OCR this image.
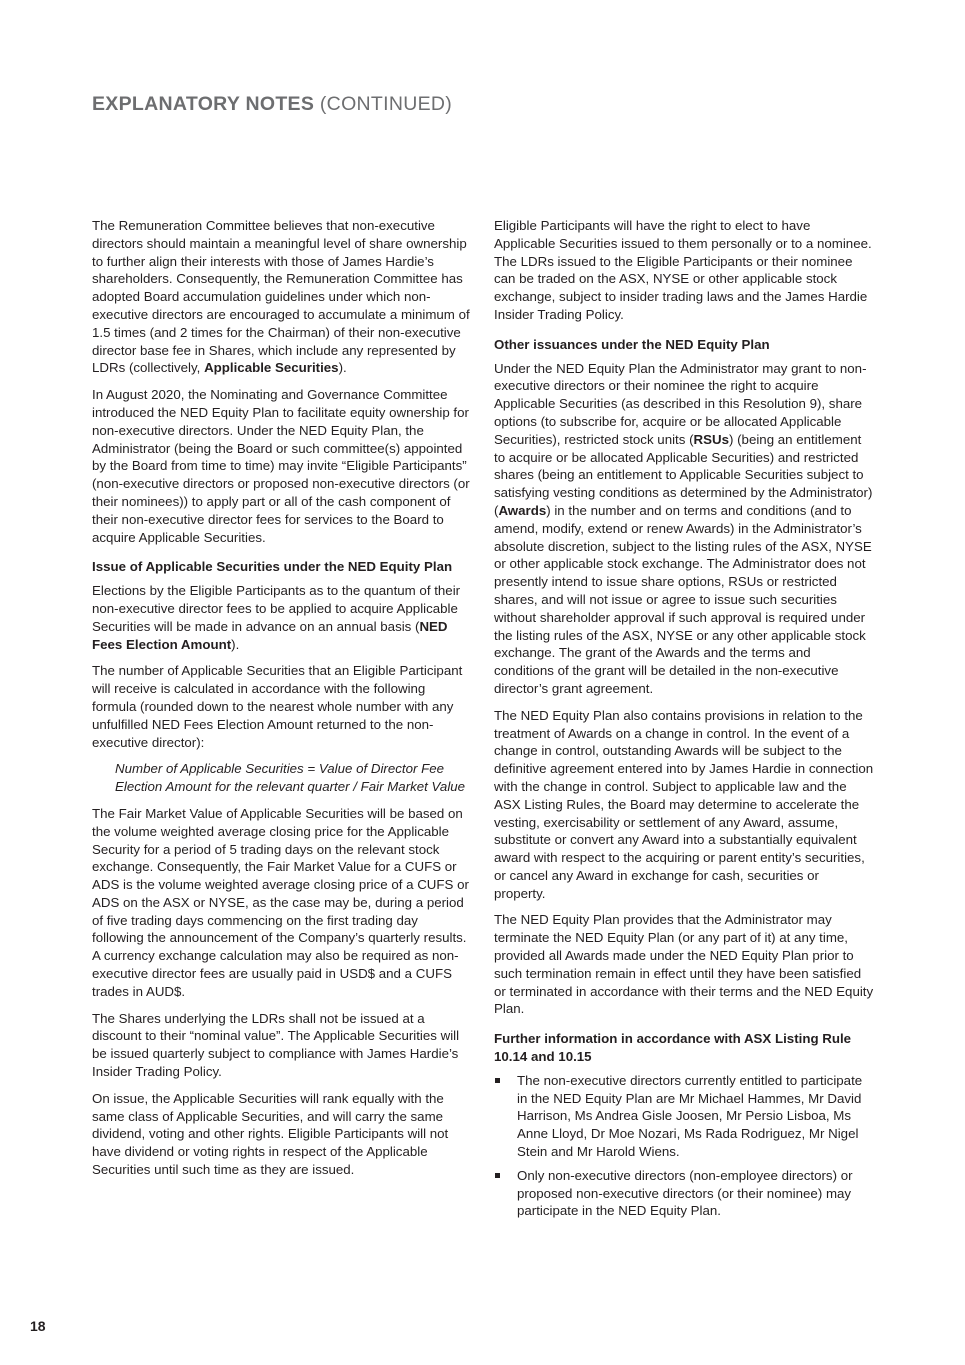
EXPLANATORY NOTES (CONTINUED)

The Remuneration Committee believes that non-executive directors should maintain a meaningful level of share ownership to further align their interests with those of James Hardie’s shareholders. Consequently, the Remuneration Committee has adopted Board accumulation guidelines under which non-executive directors are encouraged to accumulate a minimum of 1.5 times (and 2 times for the Chairman) of their non-executive director base fee in Shares, which include any represented by LDRs (collectively, Applicable Securities).

In August 2020, the Nominating and Governance Committee introduced the NED Equity Plan to facilitate equity ownership for non-executive directors. Under the NED Equity Plan, the Administrator (being the Board or such committee(s) appointed by the Board from time to time) may invite “Eligible Participants” (non-executive directors or proposed non-executive directors (or their nominees)) to apply part or all of the cash component of their non-executive director fees for services to the Board to acquire Applicable Securities.

Issue of Applicable Securities under the NED Equity Plan

Elections by the Eligible Participants as to the quantum of their non-executive director fees to be applied to acquire Applicable Securities will be made in advance on an annual basis (NED Fees Election Amount).

The number of Applicable Securities that an Eligible Participant will receive is calculated in accordance with the following formula (rounded down to the nearest whole number with any unfulfilled NED Fees Election Amount returned to the non-executive director):

Number of Applicable Securities = Value of Director Fee Election Amount for the relevant quarter / Fair Market Value

The Fair Market Value of Applicable Securities will be based on the volume weighted average closing price for the Applicable Security for a period of 5 trading days on the relevant stock exchange. Consequently, the Fair Market Value for a CUFS or ADS is the volume weighted average closing price of a CUFS or ADS on the ASX or NYSE, as the case may be, during a period of five trading days commencing on the first trading day following the announcement of the Company’s quarterly results. A currency exchange calculation may also be required as non-executive director fees are usually paid in USD$ and a CUFS trades in AUD$.

The Shares underlying the LDRs shall not be issued at a discount to their “nominal value”. The Applicable Securities will be issued quarterly subject to compliance with James Hardie’s Insider Trading Policy.

On issue, the Applicable Securities will rank equally with the same class of Applicable Securities, and will carry the same dividend, voting and other rights. Eligible Participants will not have dividend or voting rights in respect of the Applicable Securities until such time as they are issued.

Eligible Participants will have the right to elect to have Applicable Securities issued to them personally or to a nominee. The LDRs issued to the Eligible Participants or their nominee can be traded on the ASX, NYSE or other applicable stock exchange, subject to insider trading laws and the James Hardie Insider Trading Policy.

Other issuances under the NED Equity Plan

Under the NED Equity Plan the Administrator may grant to non-executive directors or their nominee the right to acquire Applicable Securities (as described in this Resolution 9), share options (to subscribe for, acquire or be allocated Applicable Securities), restricted stock units (RSUs) (being an entitlement to acquire or be allocated Applicable Securities) and restricted shares (being an entitlement to Applicable Securities subject to satisfying vesting conditions as determined by the Administrator) (Awards) in the number and on terms and conditions (and to amend, modify, extend or renew Awards) in the Administrator’s absolute discretion, subject to the listing rules of the ASX, NYSE or other applicable stock exchange. The Administrator does not presently intend to issue share options, RSUs or restricted shares, and will not issue or agree to issue such securities without shareholder approval if such approval is required under the listing rules of the ASX, NYSE or any other applicable stock exchange. The grant of the Awards and the terms and conditions of the grant will be detailed in the non-executive director’s grant agreement.

The NED Equity Plan also contains provisions in relation to the treatment of Awards on a change in control. In the event of a change in control, outstanding Awards will be subject to the definitive agreement entered into by James Hardie in connection with the change in control. Subject to applicable law and the ASX Listing Rules, the Board may determine to accelerate the vesting, exercisability or settlement of any Award, assume, substitute or convert any Award into a substantially equivalent award with respect to the acquiring or parent entity’s securities, or cancel any Award in exchange for cash, securities or property.

The NED Equity Plan provides that the Administrator may terminate the NED Equity Plan (or any part of it) at any time, provided all Awards made under the NED Equity Plan prior to such termination remain in effect until they have been satisfied or terminated in accordance with their terms and the NED Equity Plan.

Further information in accordance with ASX Listing Rule 10.14 and 10.15
The non-executive directors currently entitled to participate in the NED Equity Plan are Mr Michael Hammes, Mr David Harrison, Ms Andrea Gisle Joosen, Mr Persio Lisboa, Ms Anne Lloyd, Dr Moe Nozari, Ms Rada Rodriguez, Mr Nigel Stein and Mr Harold Wiens.
Only non-executive directors (non-employee directors) or proposed non-executive directors (or their nominee) may participate in the NED Equity Plan.
18
